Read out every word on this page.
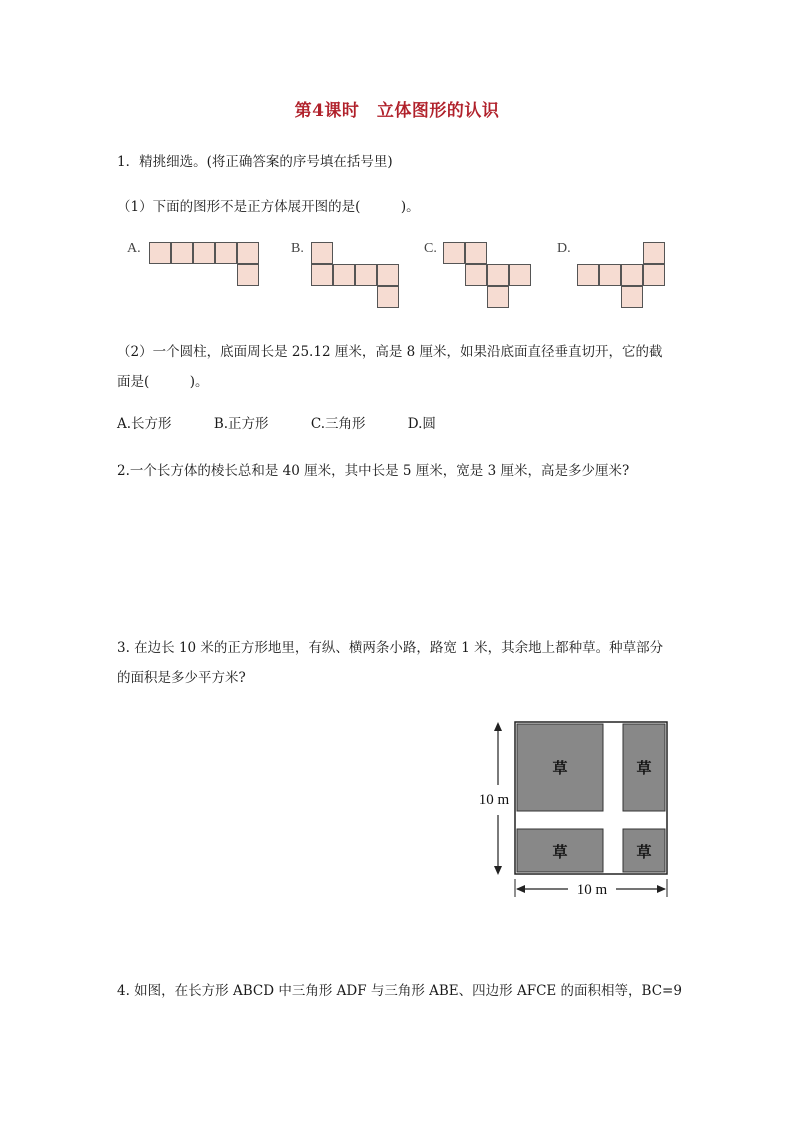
第4课时　立体图形的认识
1．精挑细选。(将正确答案的序号填在括号里)
（1）下面的图形不是正方体展开图的是(　　　)。
A.	B.	C.	D.
（2）一个圆柱，底面周长是 25.12 厘米，高是 8 厘米，如果沿底面直径垂直切开，它的截
面是(　　　)。
A.长方形	B.正方形	C.三角形	D.圆
2.一个长方体的棱长总和是 40 厘米，其中长是 5 厘米，宽是 3 厘米，高是多少厘米?
3. 在边长 10 米的正方形地里，有纵、横两条小路，路宽 1 米，其余地上都种草。种草部分
的面积是多少平方米?
草	草
草	草
10 m
10 m
4. 如图，在长方形 ABCD 中三角形 ADF 与三角形 ABE、四边形 AFCE 的面积相等，BC=9
